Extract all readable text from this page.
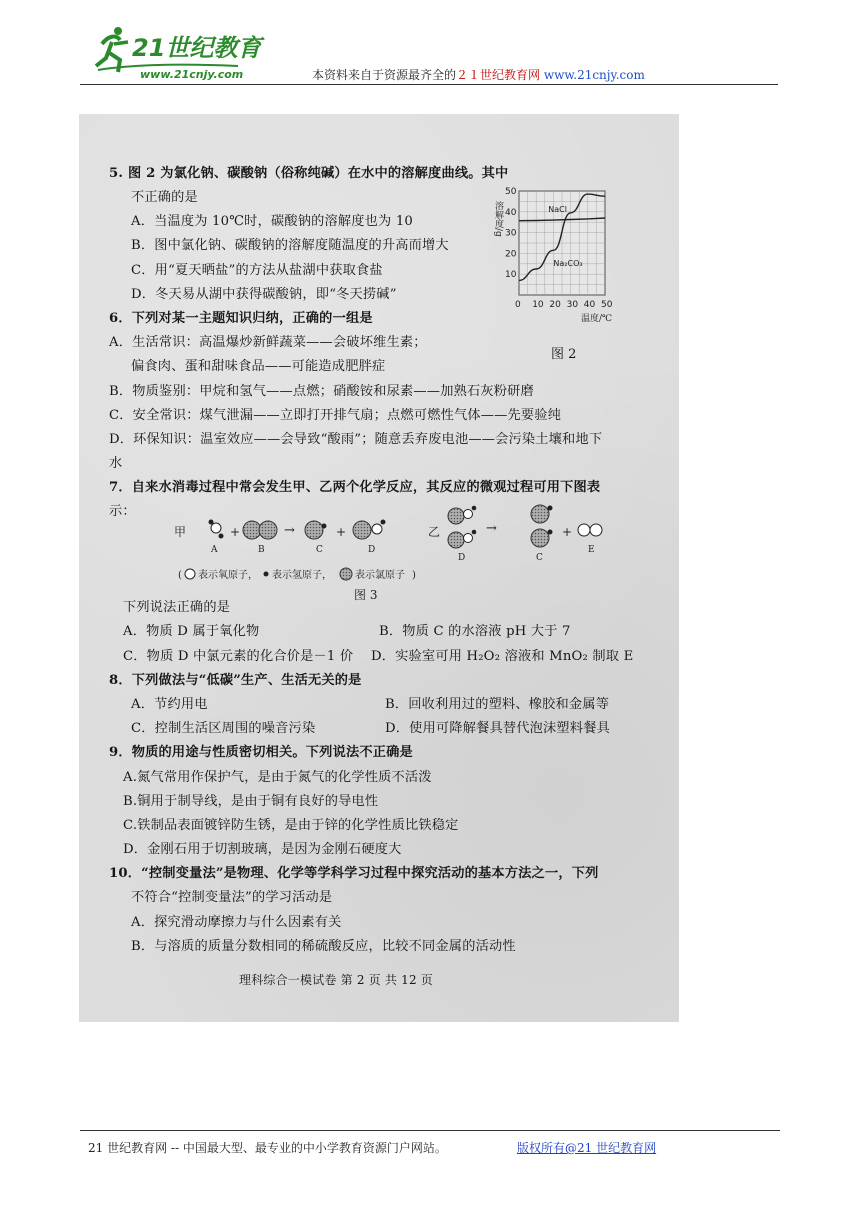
21世纪教育
www.21cnjy.com	本资料来自于资源最齐全的２１世纪教育网 www.21cnjy.com
5. 图 2 为氯化钠、碳酸钠（俗称纯碱）在水中的溶解度曲线。其中
不正确的是
A．当温度为 10℃时，碳酸钠的溶解度也为 10
B．图中氯化钠、碳酸钠的溶解度随温度的升高而增大
C．用“夏天晒盐”的方法从盐湖中获取食盐
D．冬天易从湖中获得碳酸钠，即“冬天捞碱”
6．下列对某一主题知识归纳，正确的一组是
A．生活常识：高温爆炒新鲜蔬菜——会破坏维生素；
偏食肉、蛋和甜味食品——可能造成肥胖症
B．物质鉴别：甲烷和氢气——点燃；硝酸铵和尿素——加熟石灰粉研磨
C．安全常识：煤气泄漏——立即打开排气扇；点燃可燃性气体——先要验纯
D．环保知识：温室效应——会导致“酸雨”；随意丢弃废电池——会污染土壤和地下
水
7．自来水消毒过程中常会发生甲、乙两个化学反应，其反应的微观过程可用下图表
示：
下列说法正确的是
A．物质 D 属于氧化物	B．物质 C 的水溶液 pH 大于 7
C．物质 D 中氯元素的化合价是－1 价 D．实验室可用 H₂O₂ 溶液和 MnO₂ 制取 E
8．下列做法与“低碳”生产、生活无关的是
A．节约用电	B．回收利用过的塑料、橡胶和金属等
C．控制生活区周围的噪音污染	D．使用可降解餐具替代泡沫塑料餐具
9．物质的用途与性质密切相关。下列说法不正确是
A.氮气常用作保护气，是由于氮气的化学性质不活泼
B.铜用于制导线，是由于铜有良好的导电性
C.铁制品表面镀锌防生锈，是由于锌的化学性质比铁稳定
D．金刚石用于切割玻璃，是因为金刚石硬度大
10．“控制变量法”是物理、化学等学科学习过程中探究活动的基本方法之一，下列
不符合“控制变量法”的学习活动是
A．探究滑动摩擦力与什么因素有关
B．与溶质的质量分数相同的稀硫酸反应，比较不同金属的活动性
理科综合一模试卷 第 2 页 共 12 页
0 10 20 30 40 50
10
20
30
40
50
NaCl
Na₂CO₃
溶解度/g
温度/℃
图 2
甲
A
+
B
→
C
+
D
乙
D
→
C
+
E
( 表示氧原子， 表示氢原子， 表示氯原子 )
图 3
21 世纪教育网 -- 中国最大型、最专业的中小学教育资源门户网站。	版权所有@21 世纪教育网
